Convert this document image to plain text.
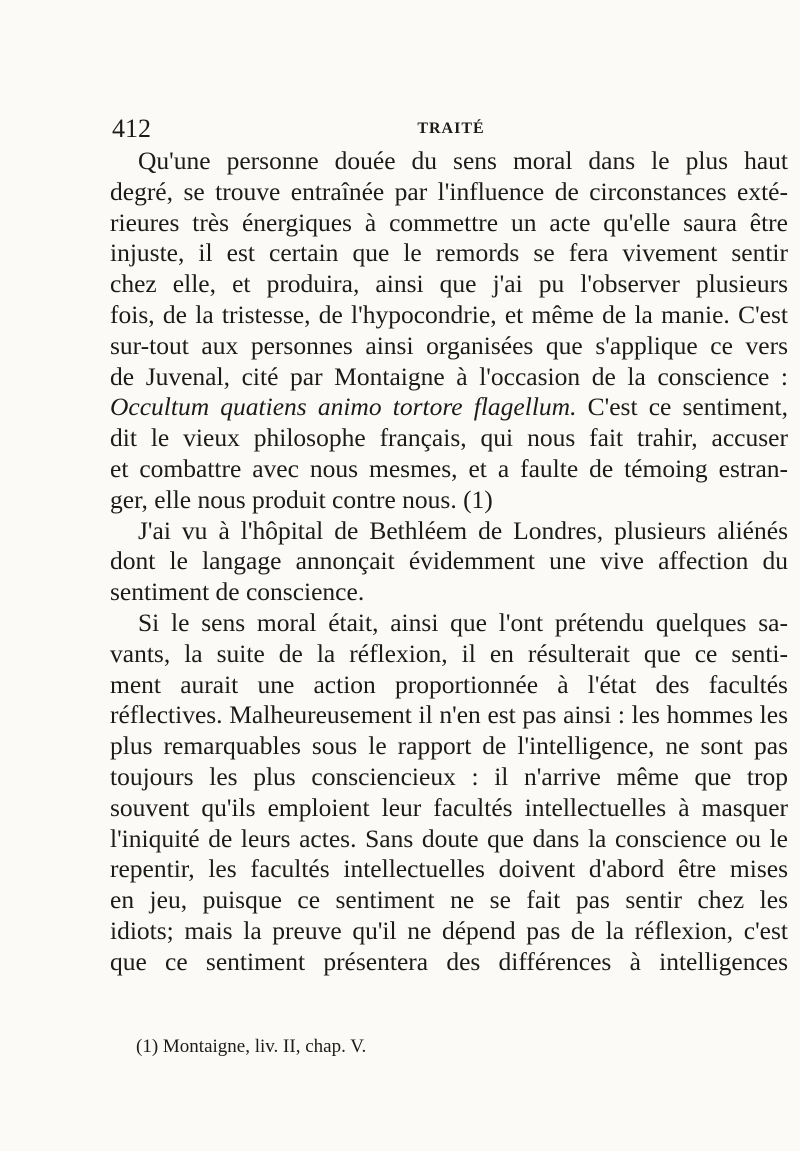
412	TRAITÉ
Qu'une personne douée du sens moral dans le plus haut
degré, se trouve entraînée par l'influence de circonstances exté-
rieures très énergiques à commettre un acte qu'elle saura être
injuste, il est certain que le remords se fera vivement sentir
chez elle, et produira, ainsi que j'ai pu l'observer plusieurs
fois, de la tristesse, de l'hypocondrie, et même de la manie. C'est
sur-tout aux personnes ainsi organisées que s'applique ce vers
de Juvenal, cité par Montaigne à l'occasion de la conscience :
Occultum quatiens animo tortore flagellum. C'est ce sentiment,
dit le vieux philosophe français, qui nous fait trahir, accuser
et combattre avec nous mesmes, et a faulte de témoing estran-
ger, elle nous produit contre nous. (1)
J'ai vu à l'hôpital de Bethléem de Londres, plusieurs aliénés
dont le langage annonçait évidemment une vive affection du
sentiment de conscience.
Si le sens moral était, ainsi que l'ont prétendu quelques sa-
vants, la suite de la réflexion, il en résulterait que ce senti-
ment aurait une action proportionnée à l'état des facultés
réflectives. Malheureusement il n'en est pas ainsi : les hommes les
plus remarquables sous le rapport de l'intelligence, ne sont pas
toujours les plus consciencieux : il n'arrive même que trop
souvent qu'ils emploient leur facultés intellectuelles à masquer
l'iniquité de leurs actes. Sans doute que dans la conscience ou le
repentir, les facultés intellectuelles doivent d'abord être mises
en jeu, puisque ce sentiment ne se fait pas sentir chez les
idiots; mais la preuve qu'il ne dépend pas de la réflexion, c'est
que ce sentiment présentera des différences à intelligences
(1) Montaigne, liv. II, chap. V.
